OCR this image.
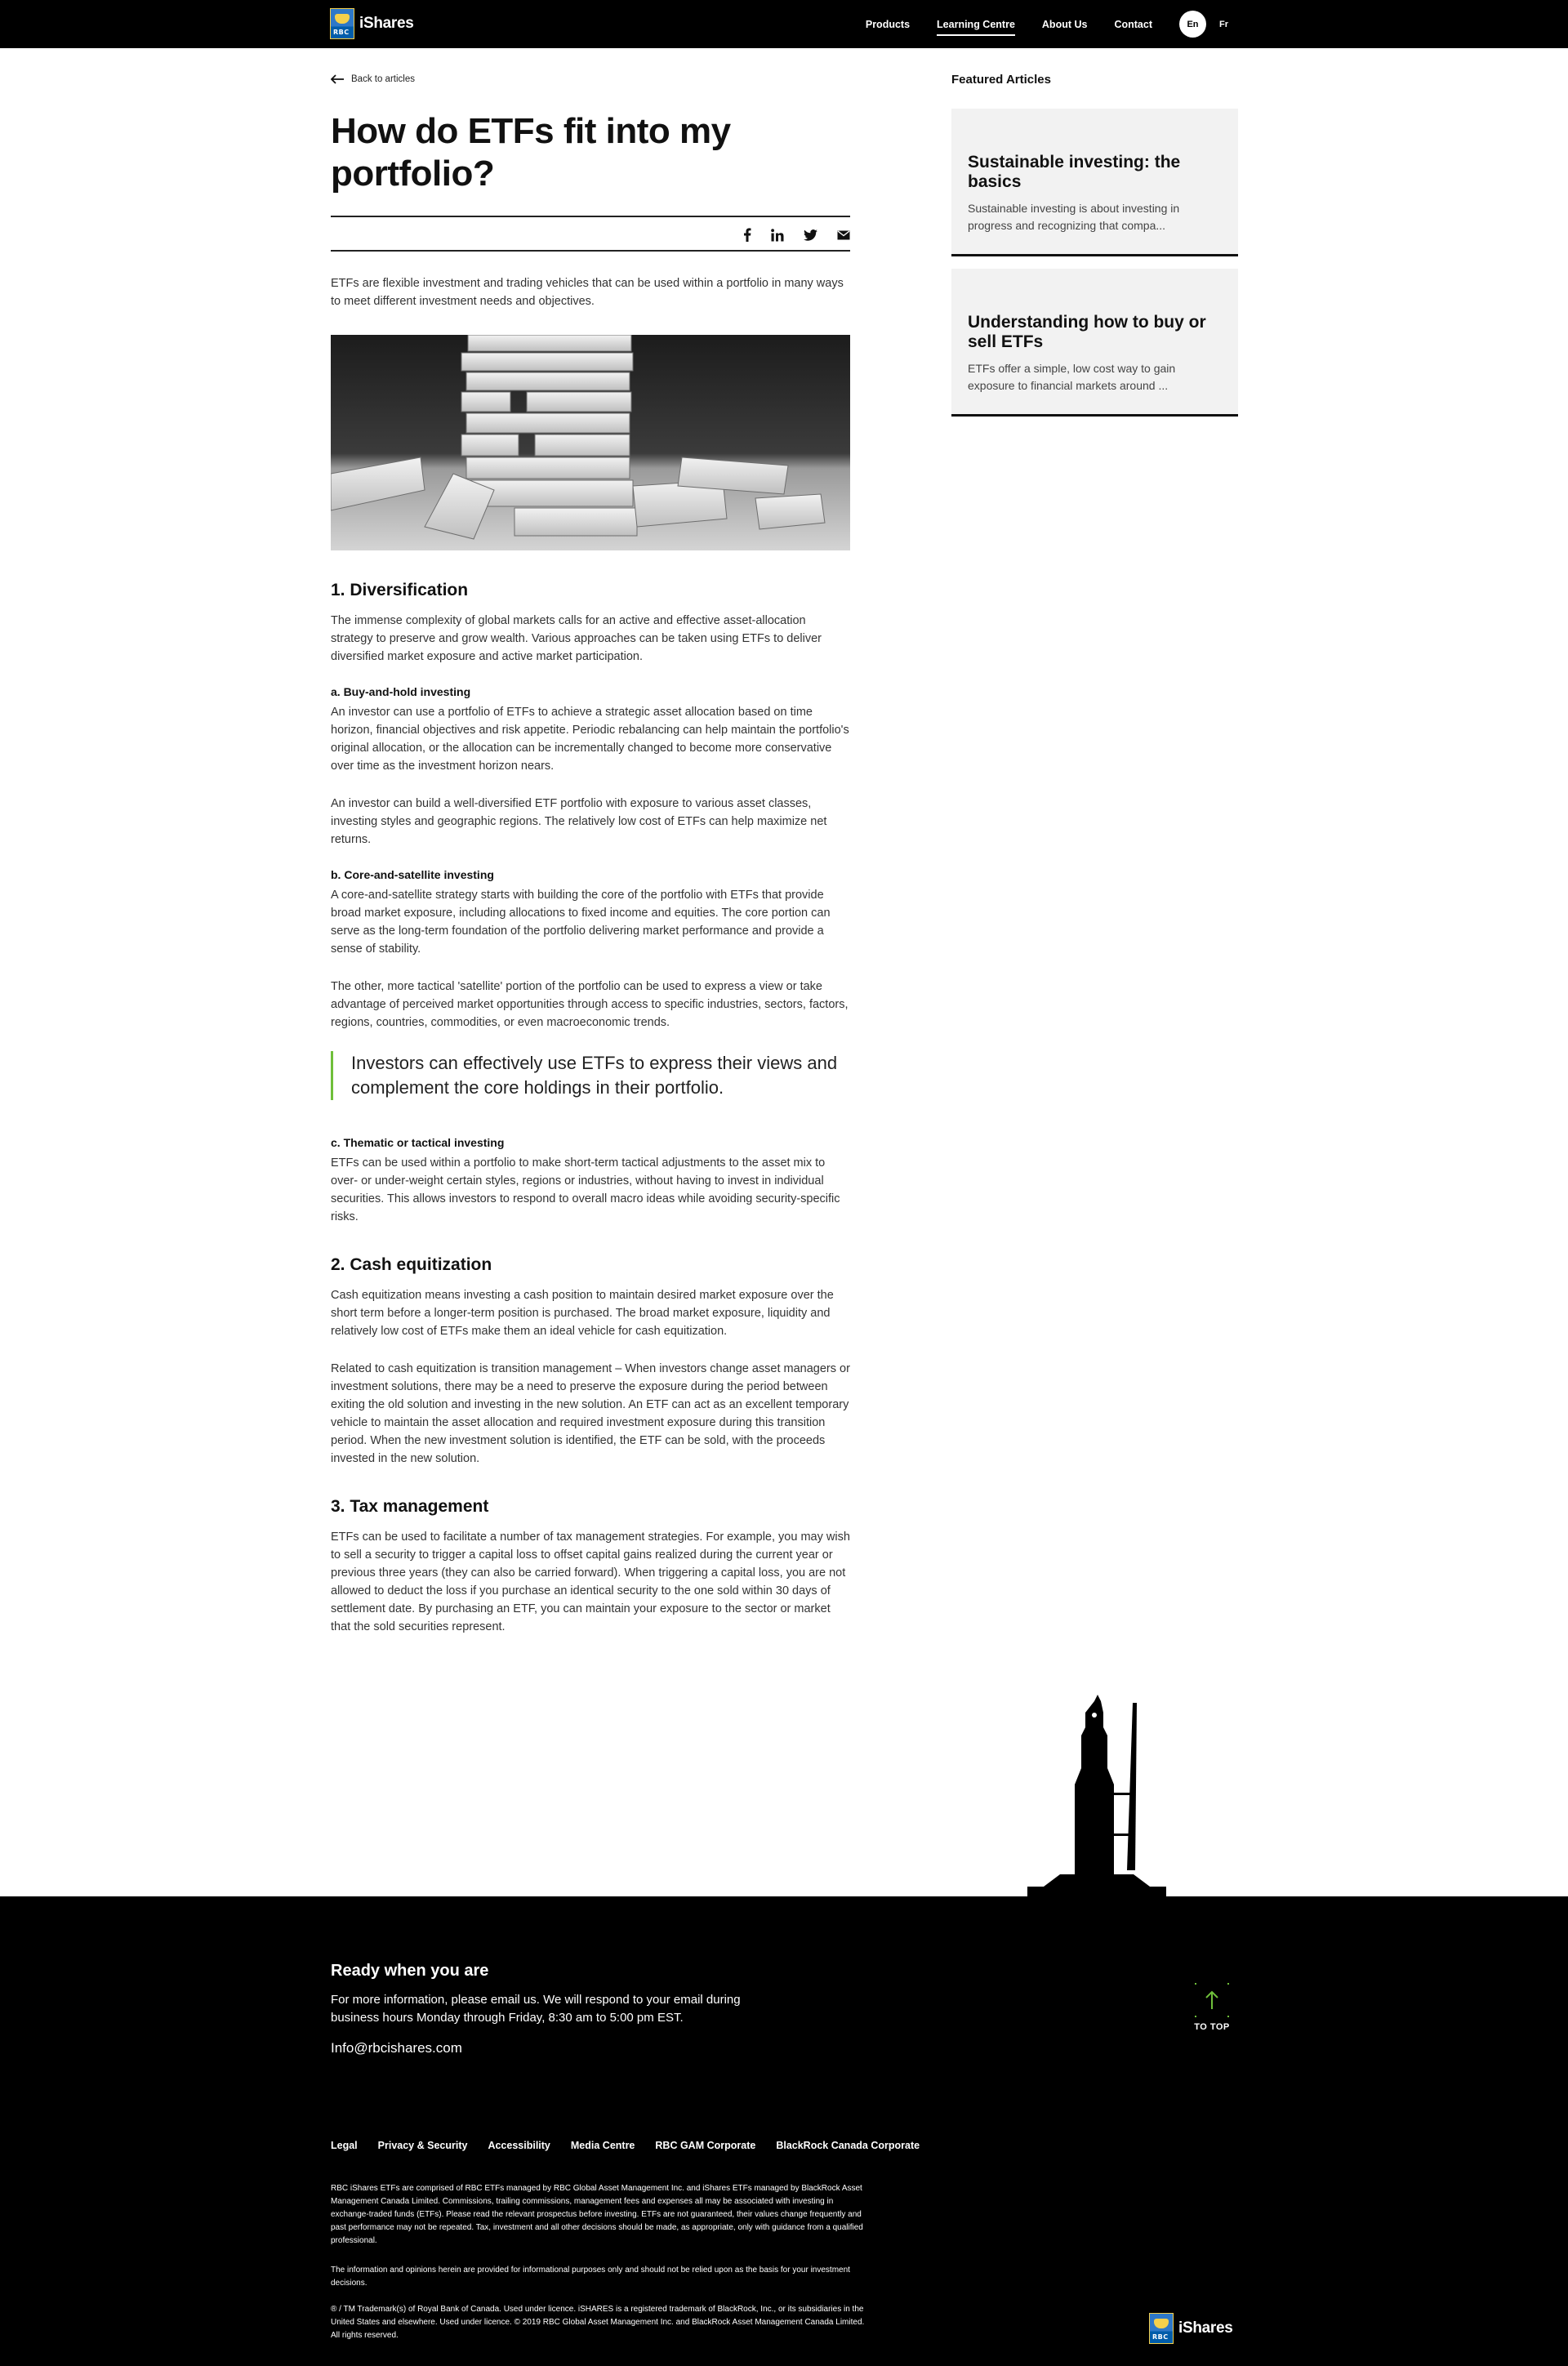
RBC
iShares	Products	Learning Centre	About Us	Contact	En	Fr
Back to articles
How do ETFs fit into my portfolio?

ETFs are flexible investment and trading vehicles that can be used within a portfolio in many ways to meet different investment needs and objectives.

1. Diversification

The immense complexity of global markets calls for an active and effective asset-allocation strategy to preserve and grow wealth. Various approaches can be taken using ETFs to deliver diversified market exposure and active market participation.

a. Buy-and-hold investing

An investor can use a portfolio of ETFs to achieve a strategic asset allocation based on time horizon, financial objectives and risk appetite. Periodic rebalancing can help maintain the portfolio's original allocation, or the allocation can be incrementally changed to become more conservative over time as the investment horizon nears.

An investor can build a well-diversified ETF portfolio with exposure to various asset classes, investing styles and geographic regions. The relatively low cost of ETFs can help maximize net returns.

b. Core-and-satellite investing

A core-and-satellite strategy starts with building the core of the portfolio with ETFs that provide broad market exposure, including allocations to fixed income and equities. The core portion can serve as the long-term foundation of the portfolio delivering market performance and provide a sense of stability.

The other, more tactical 'satellite' portion of the portfolio can be used to express a view or take advantage of perceived market opportunities through access to specific industries, sectors, factors, regions, countries, commodities, or even macroeconomic trends.

Investors can effectively use ETFs to express their views and complement the core holdings in their portfolio.
c. Thematic or tactical investing

ETFs can be used within a portfolio to make short-term tactical adjustments to the asset mix to over- or under-weight certain styles, regions or industries, without having to invest in individual securities. This allows investors to respond to overall macro ideas while avoiding security-specific risks.

2. Cash equitization

Cash equitization means investing a cash position to maintain desired market exposure over the short term before a longer-term position is purchased. The broad market exposure, liquidity and relatively low cost of ETFs make them an ideal vehicle for cash equitization.

Related to cash equitization is transition management – When investors change asset managers or investment solutions, there may be a need to preserve the exposure during the period between exiting the old solution and investing in the new solution. An ETF can act as an excellent temporary vehicle to maintain the asset allocation and required investment exposure during this transition period. When the new investment solution is identified, the ETF can be sold, with the proceeds invested in the new solution.

3. Tax management

ETFs can be used to facilitate a number of tax management strategies. For example, you may wish to sell a security to trigger a capital loss to offset capital gains realized during the current year or previous three years (they can also be carried forward). When triggering a capital loss, you are not allowed to deduct the loss if you purchase an identical security to the one sold within 30 days of settlement date. By purchasing an ETF, you can maintain your exposure to the sector or market that the sold securities represent.

Featured Articles
Sustainable investing: the basics
Sustainable investing is about investing in progress and recognizing that compa...
Understanding how to buy or sell ETFs
ETFs offer a simple, low cost way to gain exposure to financial markets around ...
Ready when you are
For more information, please email us. We will respond to your email during business hours Monday through Friday, 8:30 am to 5:00 pm EST.
Info@rbcishares.com
TO TOP
Legal Privacy & Security Accessibility Media Centre RBC GAM Corporate BlackRock Canada Corporate

RBC iShares ETFs are comprised of RBC ETFs managed by RBC Global Asset Management Inc. and iShares ETFs managed by BlackRock Asset Management Canada Limited. Commissions, trailing commissions, management fees and expenses all may be associated with investing in exchange-traded funds (ETFs). Please read the relevant prospectus before investing. ETFs are not guaranteed, their values change frequently and past performance may not be repeated. Tax, investment and all other decisions should be made, as appropriate, only with guidance from a qualified professional.

The information and opinions herein are provided for informational purposes only and should not be relied upon as the basis for your investment decisions.

® / TM Trademark(s) of Royal Bank of Canada. Used under licence. iSHARES is a registered trademark of BlackRock, Inc., or its subsidiaries in the United States and elsewhere. Used under licence. © 2019 RBC Global Asset Management Inc. and BlackRock Asset Management Canada Limited. All rights reserved.	RBC
iShares
